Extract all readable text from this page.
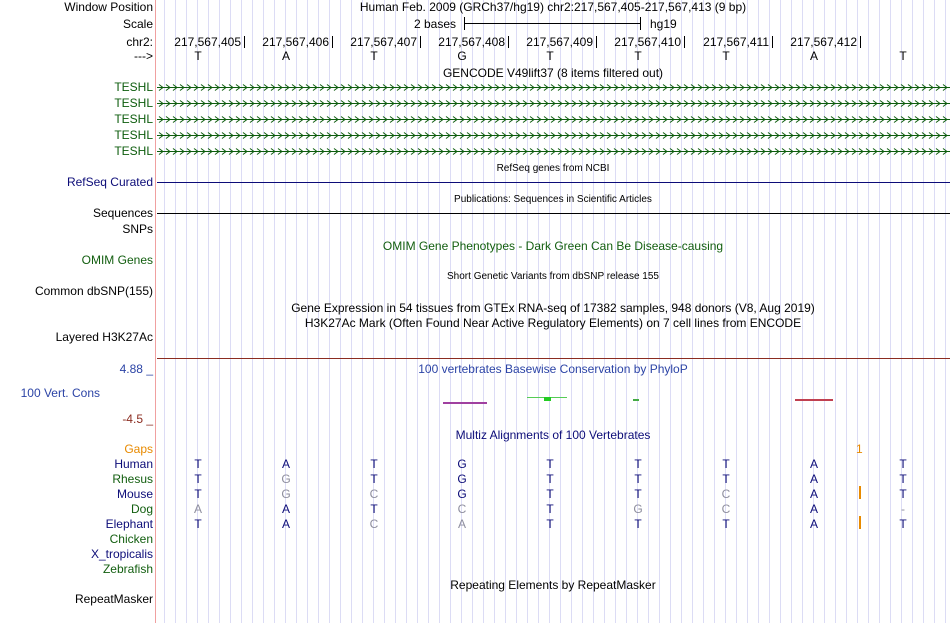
Window Position	Human Feb. 2009 (GRCh37/hg19) chr2:217,567,405-217,567,413 (9 bp)
Scale	2 bases	hg19
chr2: 217,567,405 217,567,406 217,567,407 217,567,408 217,567,409 217,567,410 217,567,411 217,567,412
--->	T	A	T	G	T	T	T	A	T
GENCODE V49lift37 (8 items filtered out)
TESHL
TESHL
TESHL
TESHL
TESHL
RefSeq genes from NCBI
RefSeq Curated
Publications: Sequences in Scientific Articles
Sequences
SNPs
OMIM Gene Phenotypes - Dark Green Can Be Disease-causing
OMIM Genes
Short Genetic Variants from dbSNP release 155
Common dbSNP(155)
Gene Expression in 54 tissues from GTEx RNA-seq of 17382 samples, 948 donors (V8, Aug 2019)
H3K27Ac Mark (Often Found Near Active Regulatory Elements) on 7 cell lines from ENCODE
Layered H3K27Ac
100 vertebrates Basewise Conservation by PhyloP
4.88 _
100 Vert. Cons
-4.5 _
Multiz Alignments of 100 Vertebrates
Gaps	1
Human	T	A	T	G	T	T	T	A	T
Rhesus	T	G	T	G	T	T	T	A	T
Mouse	T	G	C	G	T	T	C	A	T
Dog	A	A	T	C	T	G	C	A	-
Elephant	T	A	C	A	T	T	T	A	T
Chicken
X_tropicalis
Zebrafish
Repeating Elements by RepeatMasker
RepeatMasker
